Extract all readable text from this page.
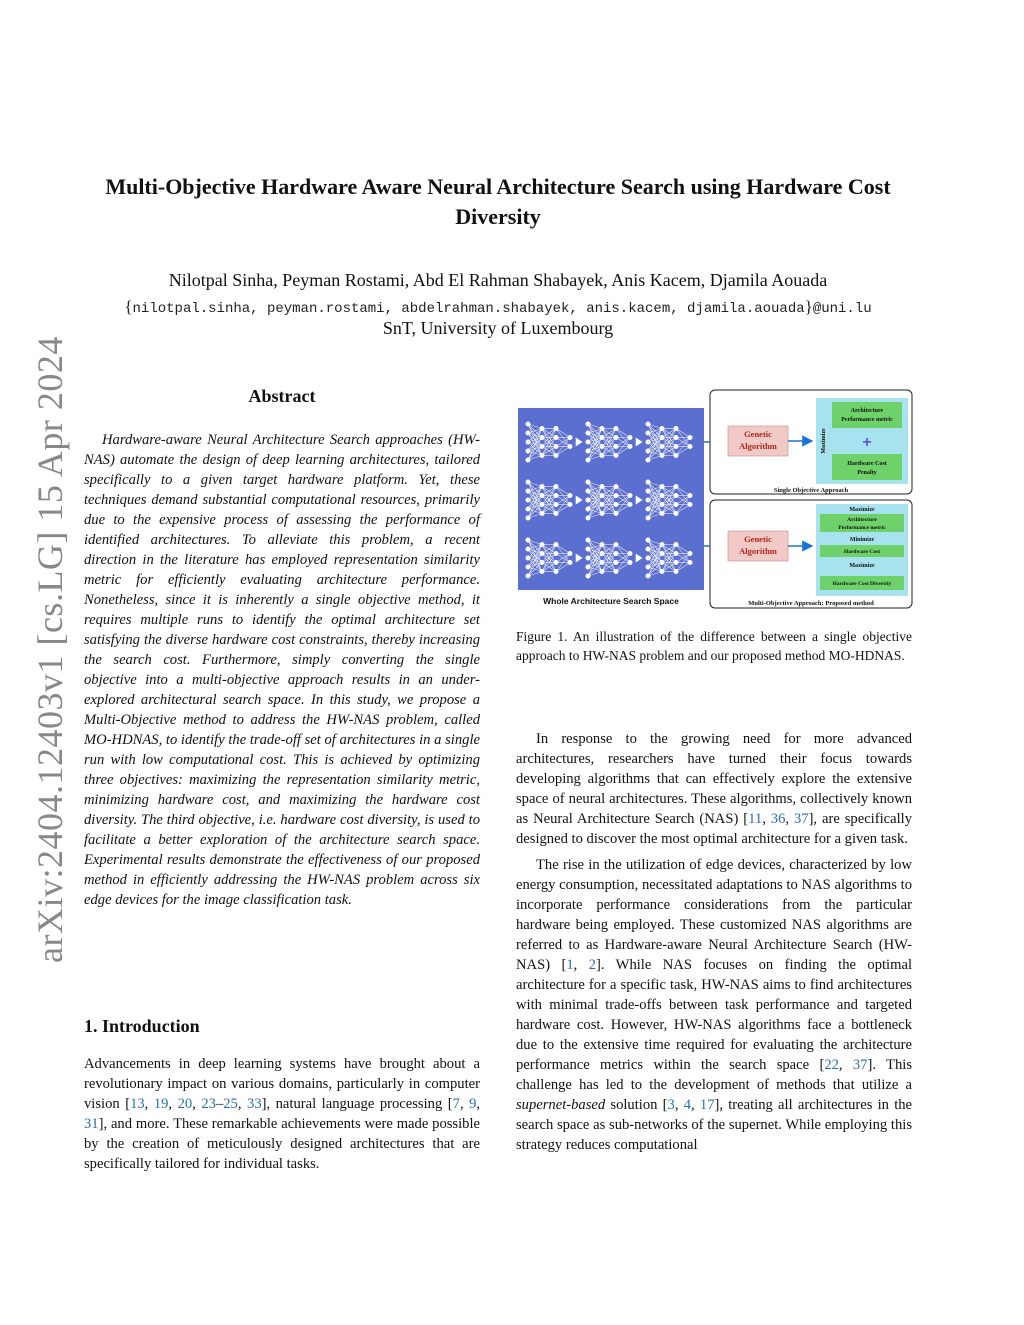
arXiv:2404.12403v1 [cs.LG] 15 Apr 2024
Multi-Objective Hardware Aware Neural Architecture Search using Hardware Cost Diversity
Nilotpal Sinha, Peyman Rostami, Abd El Rahman Shabayek, Anis Kacem, Djamila Aouada
{nilotpal.sinha, peyman.rostami, abdelrahman.shabayek, anis.kacem, djamila.aouada}@uni.lu
SnT, University of Luxembourg
Abstract
Hardware-aware Neural Architecture Search approaches (HW-NAS) automate the design of deep learning architectures, tailored specifically to a given target hardware platform. Yet, these techniques demand substantial computational resources, primarily due to the expensive process of assessing the performance of identified architectures. To alleviate this problem, a recent direction in the literature has employed representation similarity metric for efficiently evaluating architecture performance. Nonetheless, since it is inherently a single objective method, it requires multiple runs to identify the optimal architecture set satisfying the diverse hardware cost constraints, thereby increasing the search cost. Furthermore, simply converting the single objective into a multi-objective approach results in an under-explored architectural search space. In this study, we propose a Multi-Objective method to address the HW-NAS problem, called MO-HDNAS, to identify the trade-off set of architectures in a single run with low computational cost. This is achieved by optimizing three objectives: maximizing the representation similarity metric, minimizing hardware cost, and maximizing the hardware cost diversity. The third objective, i.e. hardware cost diversity, is used to facilitate a better exploration of the architecture search space. Experimental results demonstrate the effectiveness of our proposed method in efficiently addressing the HW-NAS problem across six edge devices for the image classification task.
1. Introduction
Advancements in deep learning systems have brought about a revolutionary impact on various domains, particularly in computer vision [13, 19, 20, 23–25, 33], natural language processing [7, 9, 31], and more. These remarkable achievements were made possible by the creation of meticulously designed architectures that are specifically tailored for individual tasks.
Whole Architecture Search Space
Genetic
Algorithm	Maximize
Architecture
Performance metric
+
Hardware Cost
Penalty
Single Objective Approach
Genetic
Algorithm
Maximize
Architecture
Performance metric
Minimize
Hardware Cost
Maximize
Hardware Cost Diversity
Multi-Objective Approach: Proposed method
Figure 1. An illustration of the difference between a single objective approach to HW-NAS problem and our proposed method MO-HDNAS.

In response to the growing need for more advanced architectures, researchers have turned their focus towards developing algorithms that can effectively explore the extensive space of neural architectures. These algorithms, collectively known as Neural Architecture Search (NAS) [11, 36, 37], are specifically designed to discover the most optimal architecture for a given task.

The rise in the utilization of edge devices, characterized by low energy consumption, necessitated adaptations to NAS algorithms to incorporate performance considerations from the particular hardware being employed. These customized NAS algorithms are referred to as Hardware-aware Neural Architecture Search (HW-NAS) [1, 2]. While NAS focuses on finding the optimal architecture for a specific task, HW-NAS aims to find architectures with minimal trade-offs between task performance and targeted hardware cost. However, HW-NAS algorithms face a bottleneck due to the extensive time required for evaluating the architecture performance metrics within the search space [22, 37]. This challenge has led to the development of methods that utilize a supernet-based solution [3, 4, 17], treating all architectures in the search space as sub-networks of the supernet. While employing this strategy reduces computational
